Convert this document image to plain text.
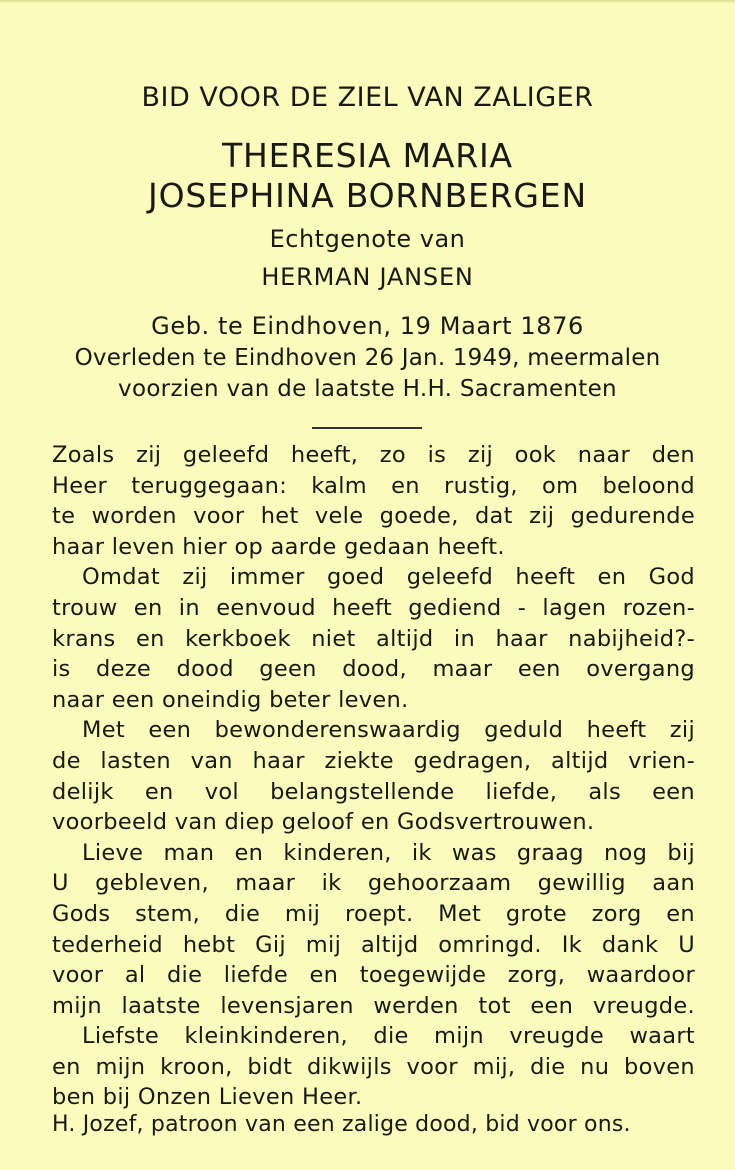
BID VOOR DE ZIEL VAN ZALIGER
THERESIA MARIA
JOSEPHINA BORNBERGEN
Echtgenote van
HERMAN JANSEN
Geb. te Eindhoven, 19 Maart 1876
Overleden te Eindhoven 26 Jan. 1949, meermalen
voorzien van de laatste H.H. Sacramenten
Zoals zij geleefd heeft, zo is zij ook naar den
Heer teruggegaan: kalm en rustig, om beloond
te worden voor het vele goede, dat zij gedurende
haar leven hier op aarde gedaan heeft.
Omdat zij immer goed geleefd heeft en God
trouw en in eenvoud heeft gediend - lagen rozen-
krans en kerkboek niet altijd in haar nabijheid?-
is deze dood geen dood, maar een overgang
naar een oneindig beter leven.
Met een bewonderenswaardig geduld heeft zij
de lasten van haar ziekte gedragen, altijd vrien-
delijk en vol belangstellende liefde, als een
voorbeeld van diep geloof en Godsvertrouwen.
Lieve man en kinderen, ik was graag nog bij
U gebleven, maar ik gehoorzaam gewillig aan
Gods stem, die mij roept. Met grote zorg en
tederheid hebt Gij mij altijd omringd. Ik dank U
voor al die liefde en toegewijde zorg, waardoor
mijn laatste levensjaren werden tot een vreugde.
Liefste kleinkinderen, die mijn vreugde waart
en mijn kroon, bidt dikwijls voor mij, die nu boven
ben bij Onzen Lieven Heer.
H. Jozef, patroon van een zalige dood, bid voor ons.
